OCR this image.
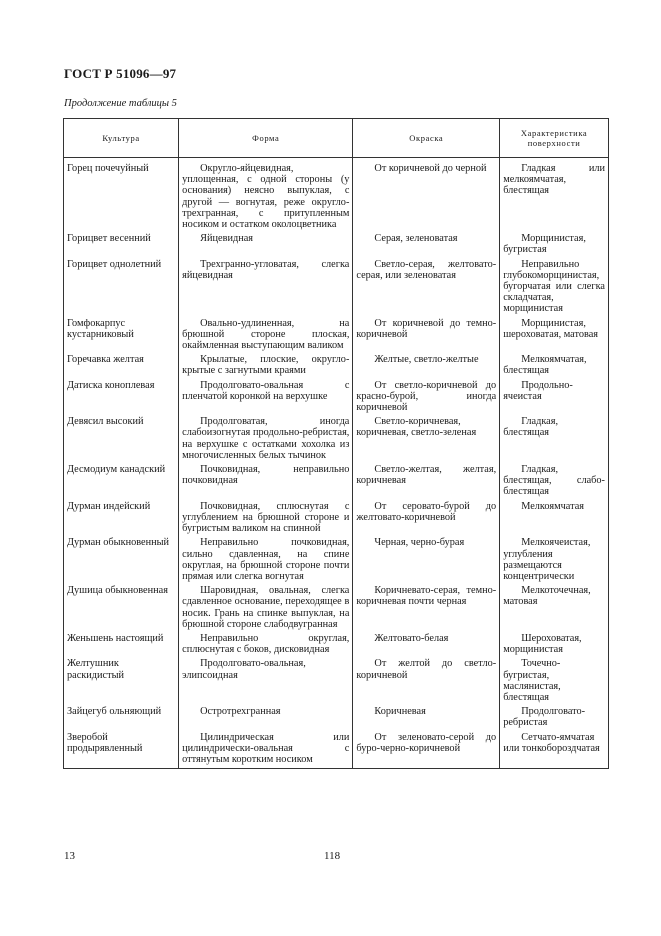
ГОСТ Р 51096—97
Продолжение таблицы 5
Культура	Форма	Окраска	Характеристика поверхности
Горец почечуйный	Округло-яйцевидная, уплощенная, с одной стороны (у основания) неясно выпуклая, с другой — вогнутая, реже округло-трехгранная, с притупленным носиком и остатком околоцветника	От коричневой до черной	Гладкая или мелкоямчатая, блестящая
Горицвет весенний	Яйцевидная	Серая, зеленоватая	Морщинистая, бугристая
Горицвет однолетний	Трехгранно-угловатая, слегка яйцевидная	Светло-серая, желтовато-серая, или зеленоватая	Неправильно глубокоморщинистая, бугорчатая или слегка складчатая, морщинистая
Гомфокарпус кустарниковый	Овально-удлиненная, на брюшной стороне плоская, окаймленная выступающим валиком	От коричневой до темно-коричневой	Морщинистая, шероховатая, матовая
Горечавка желтая	Крылатые, плоские, округло-крытые с загнутыми краями	Желтые, светло-желтые	Мелкоямчатая, блестящая
Датиска коноплевая	Продолговато-овальная с пленчатой коронкой на верхушке	От светло-коричневой до красно-бурой, иногда коричневой	Продольно-ячеистая
Девясил высокий	Продолговатая, иногда слабоизогнутая продольно-ребристая, на верхушке с остатками хохолка из многочисленных белых тычинок	Светло-коричневая, коричневая, светло-зеленая	Гладкая, блестящая
Десмодиум канадский	Почковидная, неправильно почковидная	Светло-желтая, желтая, коричневая	Гладкая, блестящая, слабо-блестящая
Дурман индейский	Почковидная, сплюснутая с углублением на брюшной стороне и бугристым валиком на спинной	От серовато-бурой до желтовато-коричневой	Мелкоямчатая
Дурман обыкновенный	Неправильно почковидная, сильно сдавленная, на спине округлая, на брюшной стороне почти прямая или слегка вогнутая	Черная, черно-бурая	Мелкоячеистая, углубления размещаются концентрически
Душица обыкновенная	Шаровидная, овальная, слегка сдавленное основание, переходящее в носик. Грань на спинке выпуклая, на брюшной стороне слабодвугранная	Коричневато-серая, темно-коричневая почти черная	Мелкоточечная, матовая
Женьшень настоящий	Неправильно округлая, сплюснутая с боков, дисковидная	Желтовато-белая	Шероховатая, морщинистая
Желтушник раскидистый	Продолговато-овальная, элипсоидная	От желтой до светло-коричневой	Точечно-бугристая, маслянистая, блестящая
Зайцегуб ольняющий	Остротрехгранная	Коричневая	Продолговато-ребристая
Зверобой продырявленный	Цилиндрическая или цилиндрически-овальная с оттянутым коротким носиком	От зеленовато-серой до буро-черно-коричневой	Сетчато-ямчатая или тонкобороздчатая
13	118
